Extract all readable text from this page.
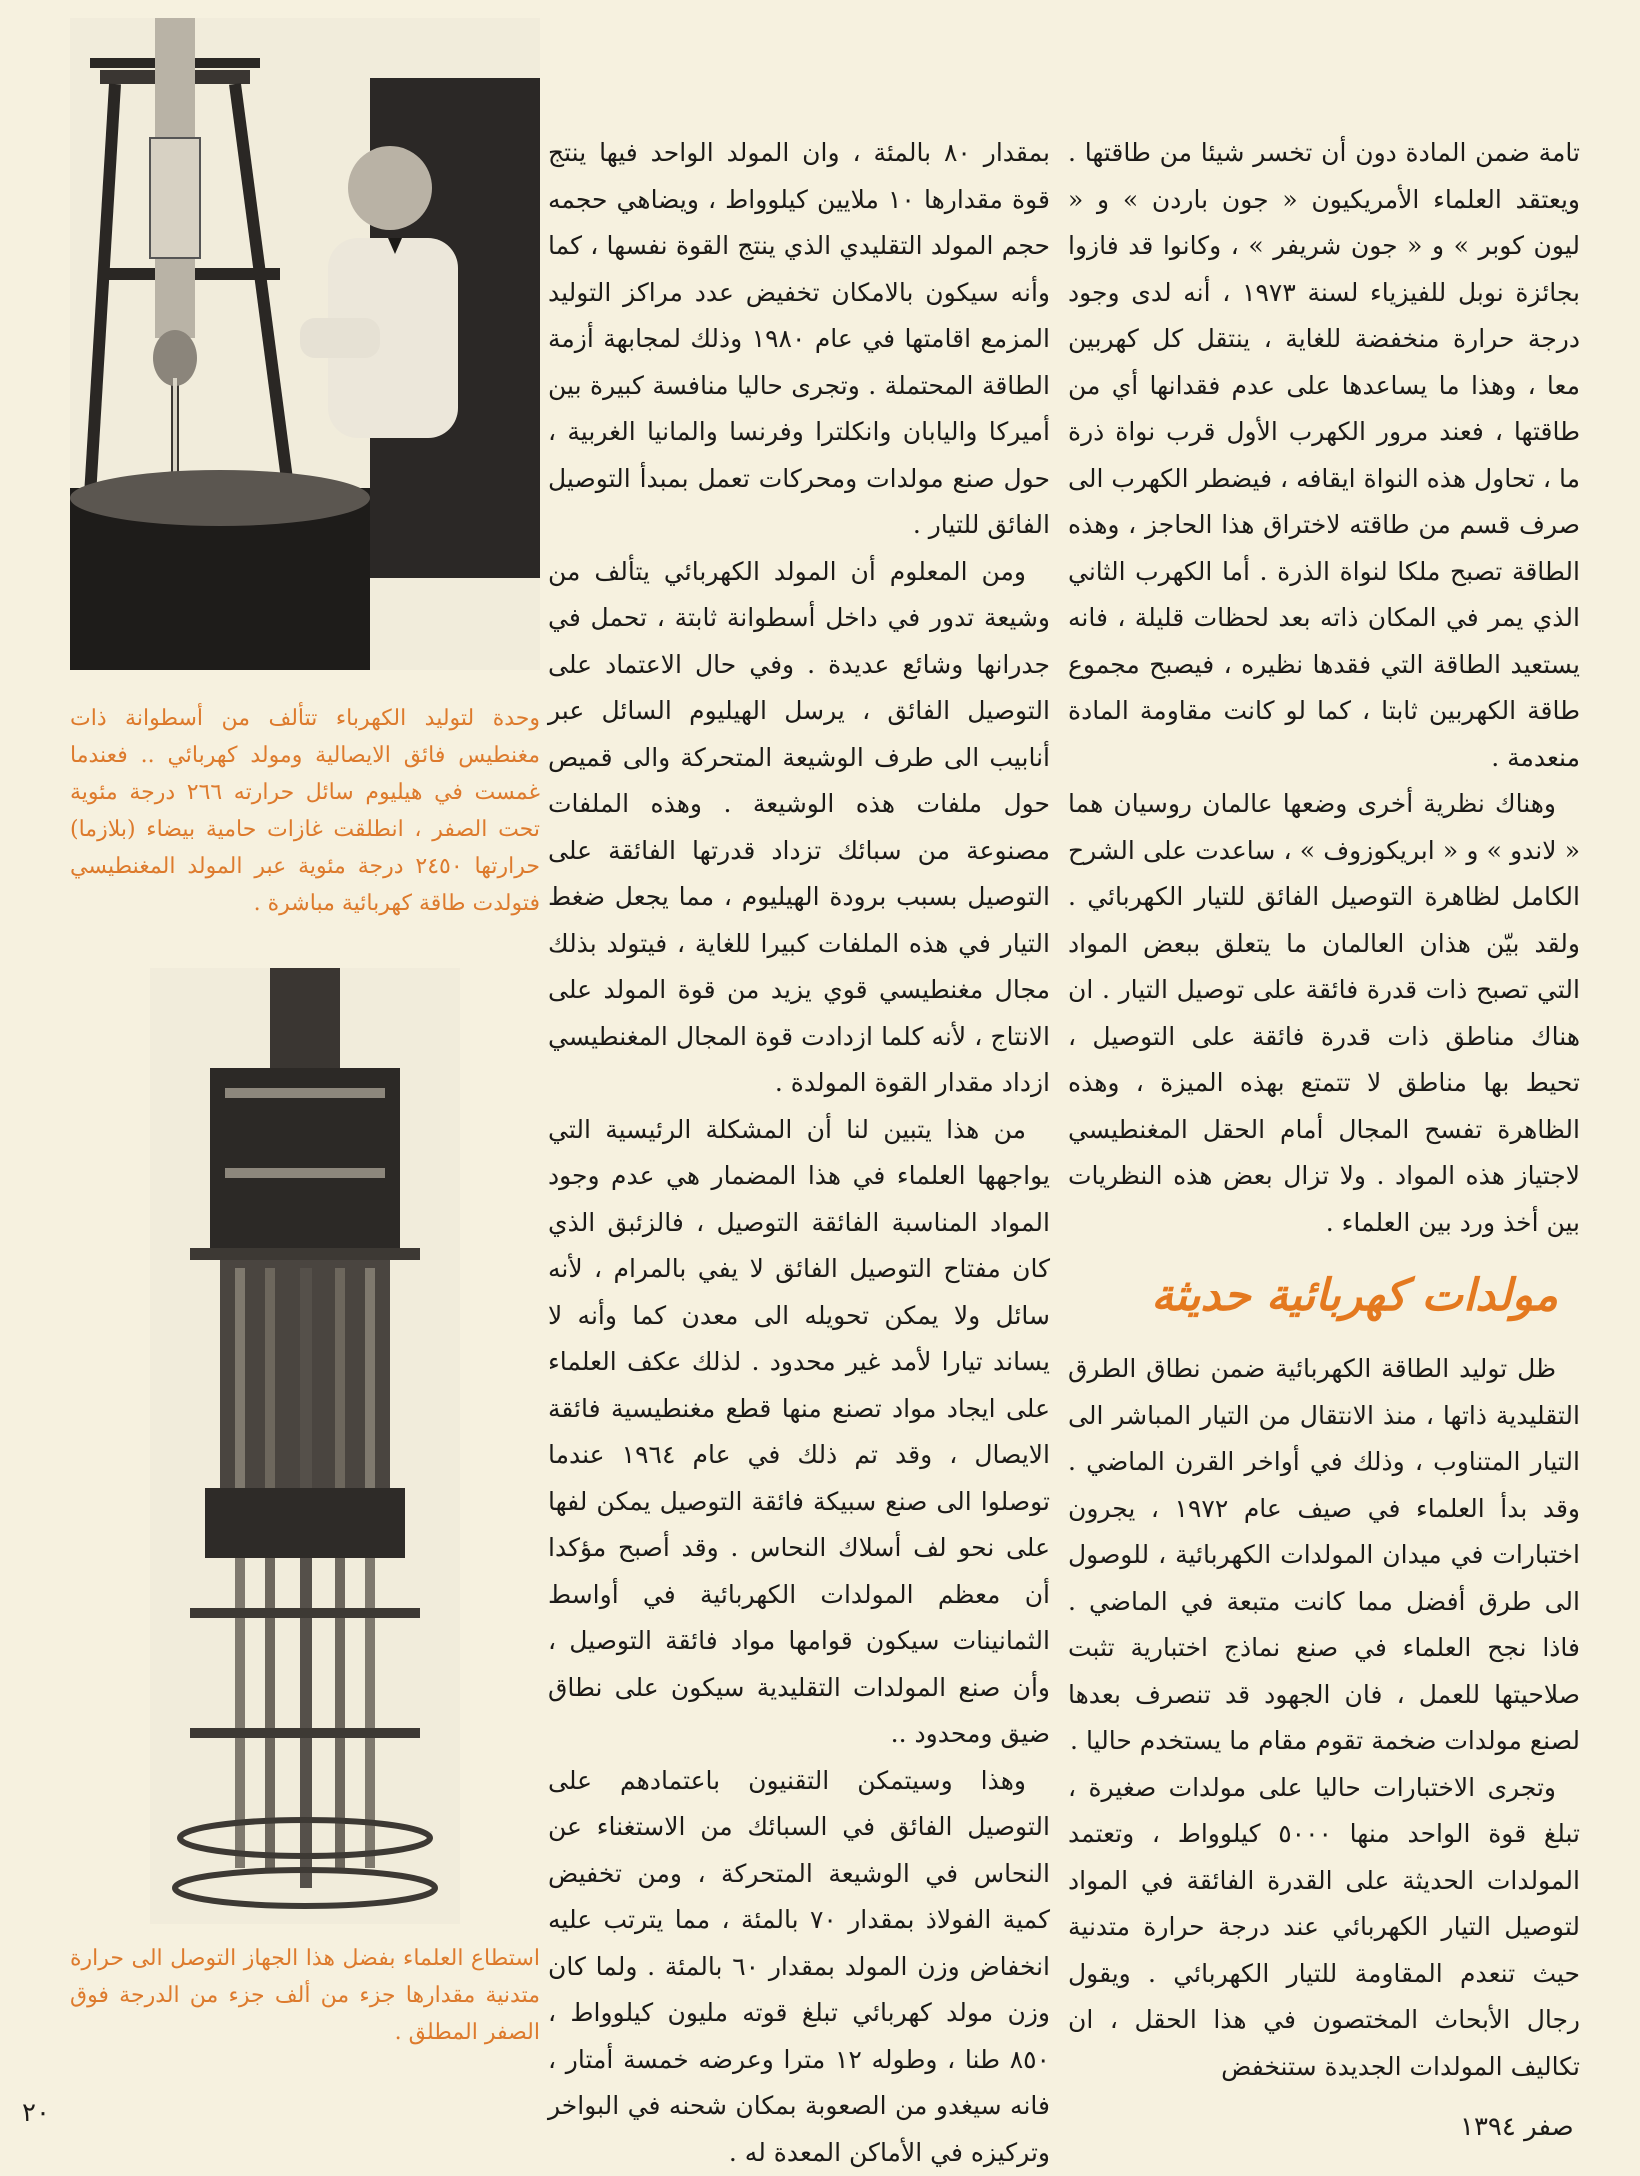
وحدة لتوليد الكهرباء تتألف من أسطوانة ذات مغنطيس فائق الايصالية ومولد كهربائي .. فعندما غمست في هيليوم سائل حرارته ٢٦٦ درجة مئوية تحت الصفر ، انطلقت غازات حامية بيضاء (بلازما) حرارتها ٢٤٥٠ درجة مئوية عبر المولد المغنطيسي فتولدت طاقة كهربائية مباشرة .
استطاع العلماء بفضل هذا الجهاز التوصل الى حرارة متدنية مقدارها جزء من ألف جزء من الدرجة فوق الصفر المطلق .

بمقدار ٨٠ بالمئة ، وان المولد الواحد فيها ينتج قوة مقدارها ١٠ ملايين كيلوواط ، ويضاهي حجمه حجم المولد التقليدي الذي ينتج القوة نفسها ، كما وأنه سيكون بالامكان تخفيض عدد مراكز التوليد المزمع اقامتها في عام ١٩٨٠ وذلك لمجابهة أزمة الطاقة المحتملة . وتجرى حاليا منافسة كبيرة بين أميركا واليابان وانكلترا وفرنسا والمانيا الغربية ، حول صنع مولدات ومحركات تعمل بمبدأ التوصيل الفائق للتيار .

ومن المعلوم أن المولد الكهربائي يتألف من وشيعة تدور في داخل أسطوانة ثابتة ، تحمل في جدرانها وشائع عديدة . وفي حال الاعتماد على التوصيل الفائق ، يرسل الهيليوم السائل عبر أنابيب الى طرف الوشيعة المتحركة والى قميص حول ملفات هذه الوشيعة . وهذه الملفات مصنوعة من سبائك تزداد قدرتها الفائقة على التوصيل بسبب برودة الهيليوم ، مما يجعل ضغط التيار في هذه الملفات كبيرا للغاية ، فيتولد بذلك مجال مغنطيسي قوي يزيد من قوة المولد على الانتاج ، لأنه كلما ازدادت قوة المجال المغنطيسي ازداد مقدار القوة المولدة .

من هذا يتبين لنا أن المشكلة الرئيسية التي يواجهها العلماء في هذا المضمار هي عدم وجود المواد المناسبة الفائقة التوصيل ، فالزئبق الذي كان مفتاح التوصيل الفائق لا يفي بالمرام ، لأنه سائل ولا يمكن تحويله الى معدن كما وأنه لا يساند تيارا لأمد غير محدود . لذلك عكف العلماء على ايجاد مواد تصنع منها قطع مغنطيسية فائقة الايصال ، وقد تم ذلك في عام ١٩٦٤ عندما توصلوا الى صنع سبيكة فائقة التوصيل يمكن لفها على نحو لف أسلاك النحاس . وقد أصبح مؤكدا أن معظم المولدات الكهربائية في أواسط الثمانينات سيكون قوامها مواد فائقة التوصيل ، وأن صنع المولدات التقليدية سيكون على نطاق ضيق ومحدود ..

وهذا وسيتمكن التقنيون باعتمادهم على التوصيل الفائق في السبائك من الاستغناء عن النحاس في الوشيعة المتحركة ، ومن تخفيض كمية الفولاذ بمقدار ٧٠ بالمئة ، مما يترتب عليه انخفاض وزن المولد بمقدار ٦٠ بالمئة . ولما كان وزن مولد كهربائي تبلغ قوته مليون كيلوواط ، ٨٥٠ طنا ، وطوله ١٢ مترا وعرضه خمسة أمتار ، فانه سيغدو من الصعوبة بمكان شحنه في البواخر وتركيزه في الأماكن المعدة له .

تامة ضمن المادة دون أن تخسر شيئا من طاقتها . ويعتقد العلماء الأمريكيون « جون باردن » و « ليون كوبر » و « جون شريفر » ، وكانوا قد فازوا بجائزة نوبل للفيزياء لسنة ١٩٧٣ ، أنه لدى وجود درجة حرارة منخفضة للغاية ، ينتقل كل كهربين معا ، وهذا ما يساعدها على عدم فقدانها أي من طاقتها ، فعند مرور الكهرب الأول قرب نواة ذرة ما ، تحاول هذه النواة ايقافه ، فيضطر الكهرب الى صرف قسم من طاقته لاختراق هذا الحاجز ، وهذه الطاقة تصبح ملكا لنواة الذرة . أما الكهرب الثاني الذي يمر في المكان ذاته بعد لحظات قليلة ، فانه يستعيد الطاقة التي فقدها نظيره ، فيصبح مجموع طاقة الكهربين ثابتا ، كما لو كانت مقاومة المادة منعدمة .

وهناك نظرية أخرى وضعها عالمان روسيان هما « لاندو » و « ابريكوزوف » ، ساعدت على الشرح الكامل لظاهرة التوصيل الفائق للتيار الكهربائي . ولقد بيّن هذان العالمان ما يتعلق ببعض المواد التي تصبح ذات قدرة فائقة على توصيل التيار . ان هناك مناطق ذات قدرة فائقة على التوصيل ، تحيط بها مناطق لا تتمتع بهذه الميزة ، وهذه الظاهرة تفسح المجال أمام الحقل المغنطيسي لاجتياز هذه المواد . ولا تزال بعض هذه النظريات بين أخذ ورد بين العلماء .

مولدات كهربائية حديثة

ظل توليد الطاقة الكهربائية ضمن نطاق الطرق التقليدية ذاتها ، منذ الانتقال من التيار المباشر الى التيار المتناوب ، وذلك في أواخر القرن الماضي . وقد بدأ العلماء في صيف عام ١٩٧٢ ، يجرون اختبارات في ميدان المولدات الكهربائية ، للوصول الى طرق أفضل مما كانت متبعة في الماضي . فاذا نجح العلماء في صنع نماذج اختبارية تثبت صلاحيتها للعمل ، فان الجهود قد تنصرف بعدها لصنع مولدات ضخمة تقوم مقام ما يستخدم حاليا .

وتجرى الاختبارات حاليا على مولدات صغيرة ، تبلغ قوة الواحد منها ٥٠٠٠ كيلوواط ، وتعتمد المولدات الحديثة على القدرة الفائقة في المواد لتوصيل التيار الكهربائي عند درجة حرارة متدنية حيث تنعدم المقاومة للتيار الكهربائي . ويقول رجال الأبحاث المختصون في هذا الحقل ، ان تكاليف المولدات الجديدة ستنخفض

٢٠	صفر ١٣٩٤
